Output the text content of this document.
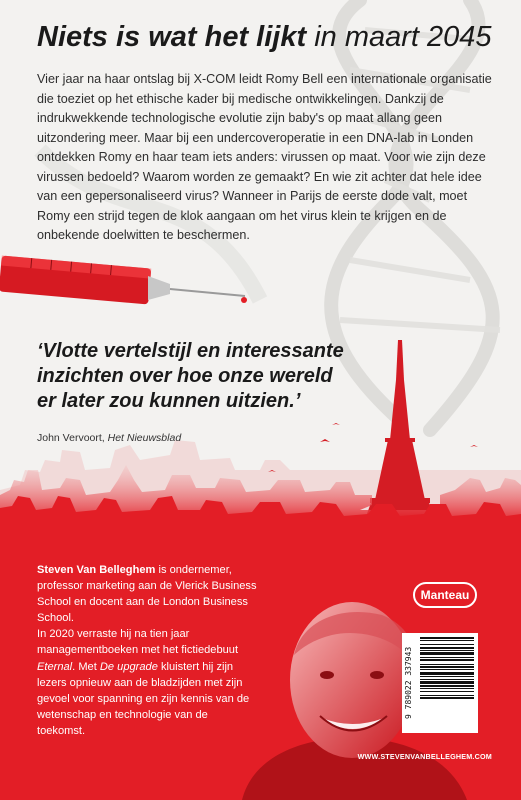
Niets is wat het lijkt in maart 2045
Vier jaar na haar ontslag bij X-COM leidt Romy Bell een internationale organisatie die toeziet op het ethische kader bij medische ontwikkelingen. Dankzij de indrukwekkende technologische evolutie zijn baby's op maat allang geen uitzondering meer. Maar bij een undercoveroperatie in een DNA-lab in Londen ontdekken Romy en haar team iets anders: virussen op maat. Voor wie zijn deze virussen bedoeld? Waarom worden ze gemaakt? En wie zit achter dat hele idee van een gepersonaliseerd virus? Wanneer in Parijs de eerste dode valt, moet Romy een strijd tegen de klok aangaan om het virus klein te krijgen en de onbekende doelwitten te beschermen.
‘Vlotte vertelstijl en interessante
inzichten over hoe onze wereld
er later zou kunnen uitzien.’
John Vervoort, Het Nieuwsblad

Steven Van Belleghem is ondernemer, professor marketing aan de Vlerick Business School en docent aan de London Business School.

In 2020 verraste hij na tien jaar managementboeken met het fictiedebuut Eternal. Met De upgrade kluistert hij zijn lezers opnieuw aan de bladzijden met zijn gevoel voor spanning en zijn kennis van de wetenschap en technologie van de toekomst.

Manteau
9 789022 337943
WWW.STEVENVANBELLEGHEM.COM
